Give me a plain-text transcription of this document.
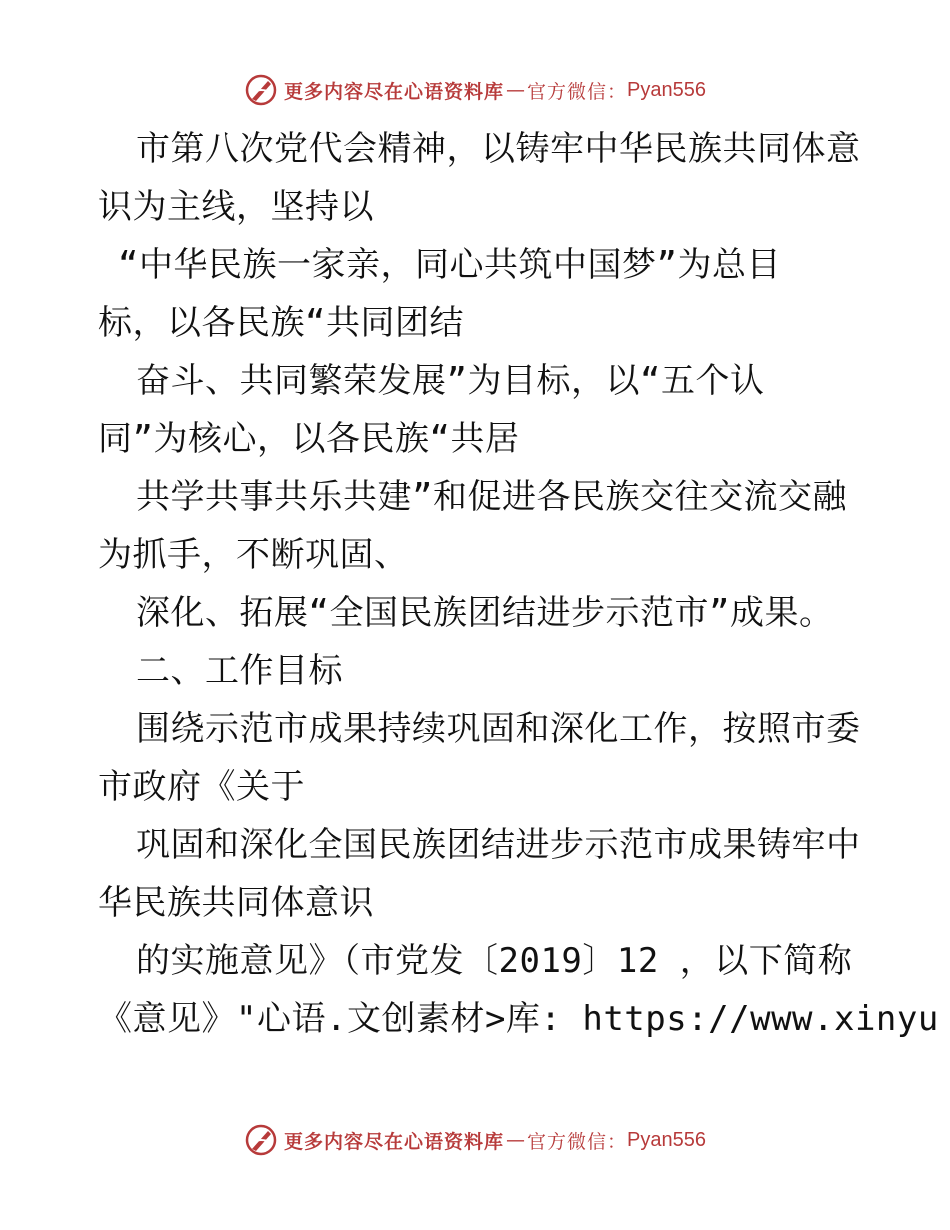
更多内容尽在心语资料库 — 官方微信： Pyan556
市第八次党代会精神，以铸牢中华民族共同体意
识为主线，坚持以
“中华民族一家亲，同心共筑中国梦”为总目
标，以各民族“共同团结
奋斗、共同繁荣发展”为目标，以“五个认
同”为核心，以各民族“共居
共学共事共乐共建”和促进各民族交往交流交融
为抓手，不断巩固、
深化、拓展“全国民族团结进步示范市”成果。
二、工作目标
围绕示范市成果持续巩固和深化工作，按照市委
市政府《关于
巩固和深化全国民族团结进步示范市成果铸牢中
华民族共同体意识
的实施意见》（市党发〔2019〕12 ，以下简称
《意见》"心语.文创素材>库: https://www.xinyu
更多内容尽在心语资料库 — 官方微信： Pyan556
